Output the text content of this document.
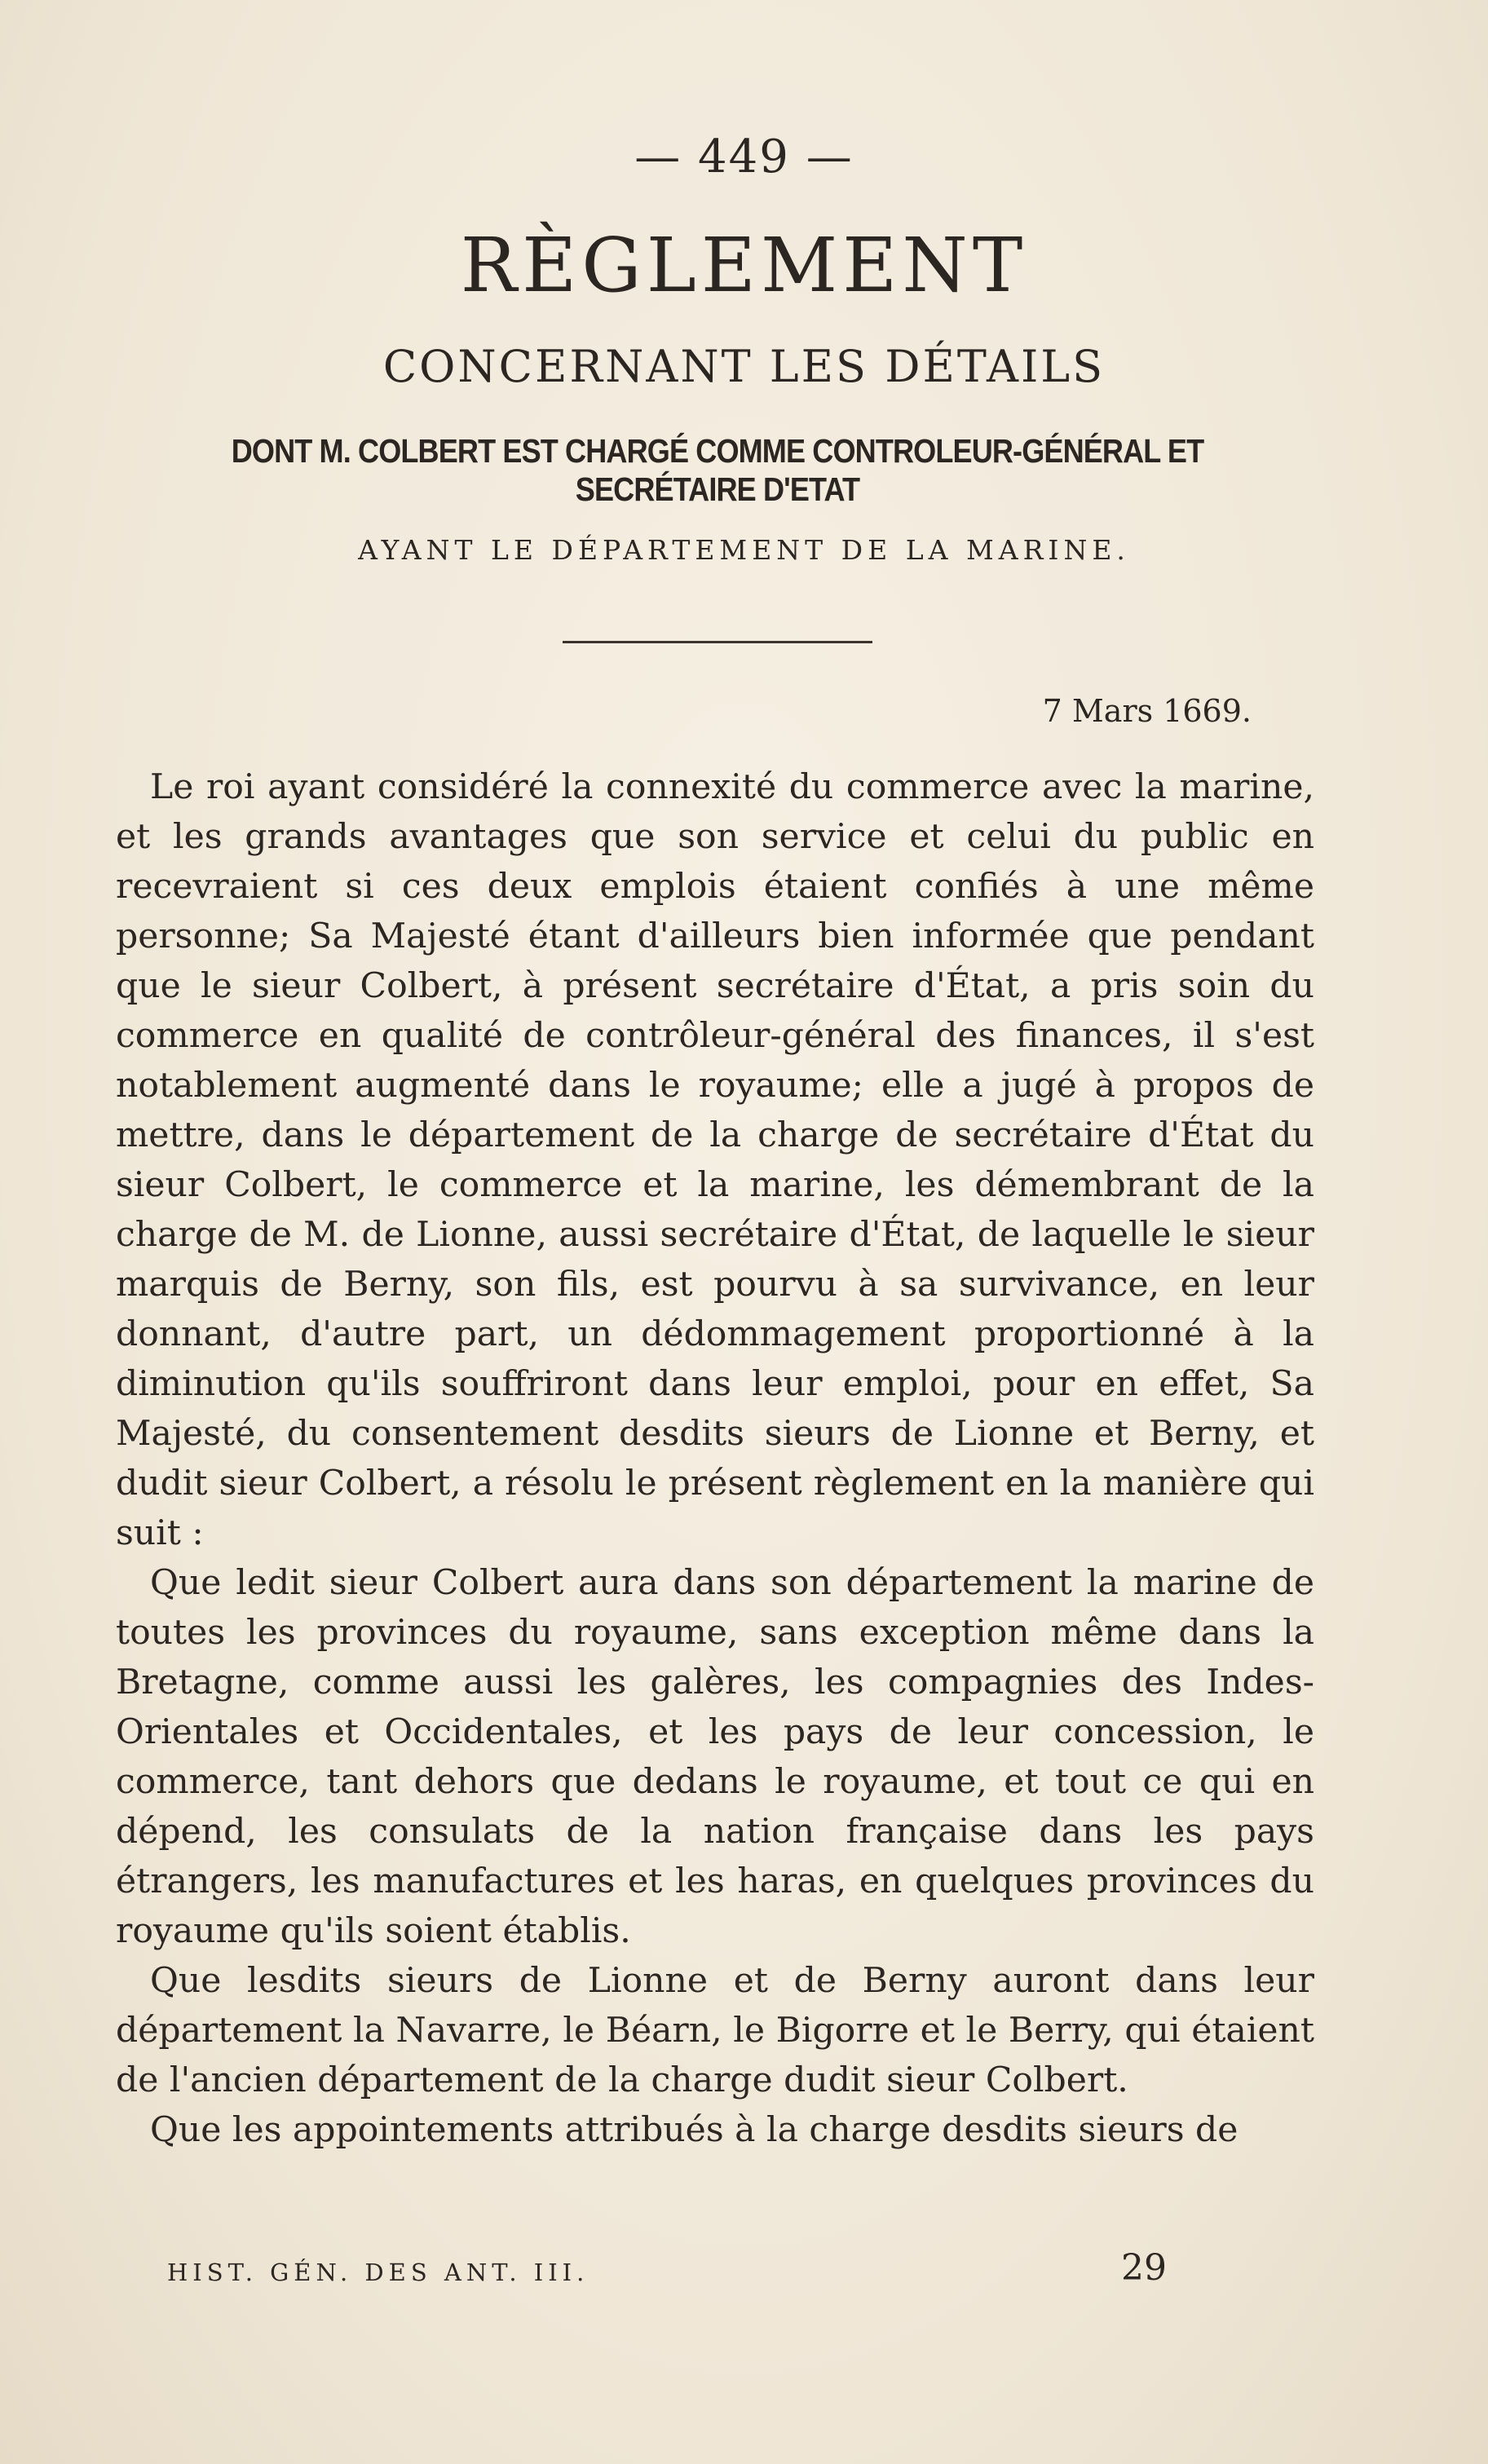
— 449 —
RÈGLEMENT
CONCERNANT LES DÉTAILS
DONT M. COLBERT EST CHARGÉ COMME CONTROLEUR-GÉNÉRAL ET SECRÉTAIRE D'ETAT
AYANT LE DÉPARTEMENT DE LA MARINE.
7 Mars 1669.

Le roi ayant considéré la connexité du commerce avec la marine, et les grands avantages que son service et celui du public en recevraient si ces deux emplois étaient confiés à une même personne; Sa Majesté étant d'ailleurs bien informée que pendant que le sieur Colbert, à présent secrétaire d'État, a pris soin du commerce en qualité de contrôleur-général des finances, il s'est notablement augmenté dans le royaume; elle a jugé à propos de mettre, dans le département de la charge de secrétaire d'État du sieur Colbert, le commerce et la marine, les démembrant de la charge de M. de Lionne, aussi secrétaire d'État, de laquelle le sieur marquis de Berny, son fils, est pourvu à sa survivance, en leur donnant, d'autre part, un dédommagement proportionné à la diminution qu'ils souffriront dans leur emploi, pour en effet, Sa Majesté, du consentement desdits sieurs de Lionne et Berny, et dudit sieur Colbert, a résolu le présent règlement en la manière qui suit :

Que ledit sieur Colbert aura dans son département la marine de toutes les provinces du royaume, sans exception même dans la Bretagne, comme aussi les galères, les compagnies des Indes-Orientales et Occidentales, et les pays de leur concession, le commerce, tant dehors que dedans le royaume, et tout ce qui en dépend, les consulats de la nation française dans les pays étrangers, les manufactures et les haras, en quelques provinces du royaume qu'ils soient établis.

Que lesdits sieurs de Lionne et de Berny auront dans leur département la Navarre, le Béarn, le Bigorre et le Berry, qui étaient de l'ancien département de la charge dudit sieur Colbert.

Que les appointements attribués à la charge desdits sieurs de

HIST. GÉN. DES ANT. III.	29
